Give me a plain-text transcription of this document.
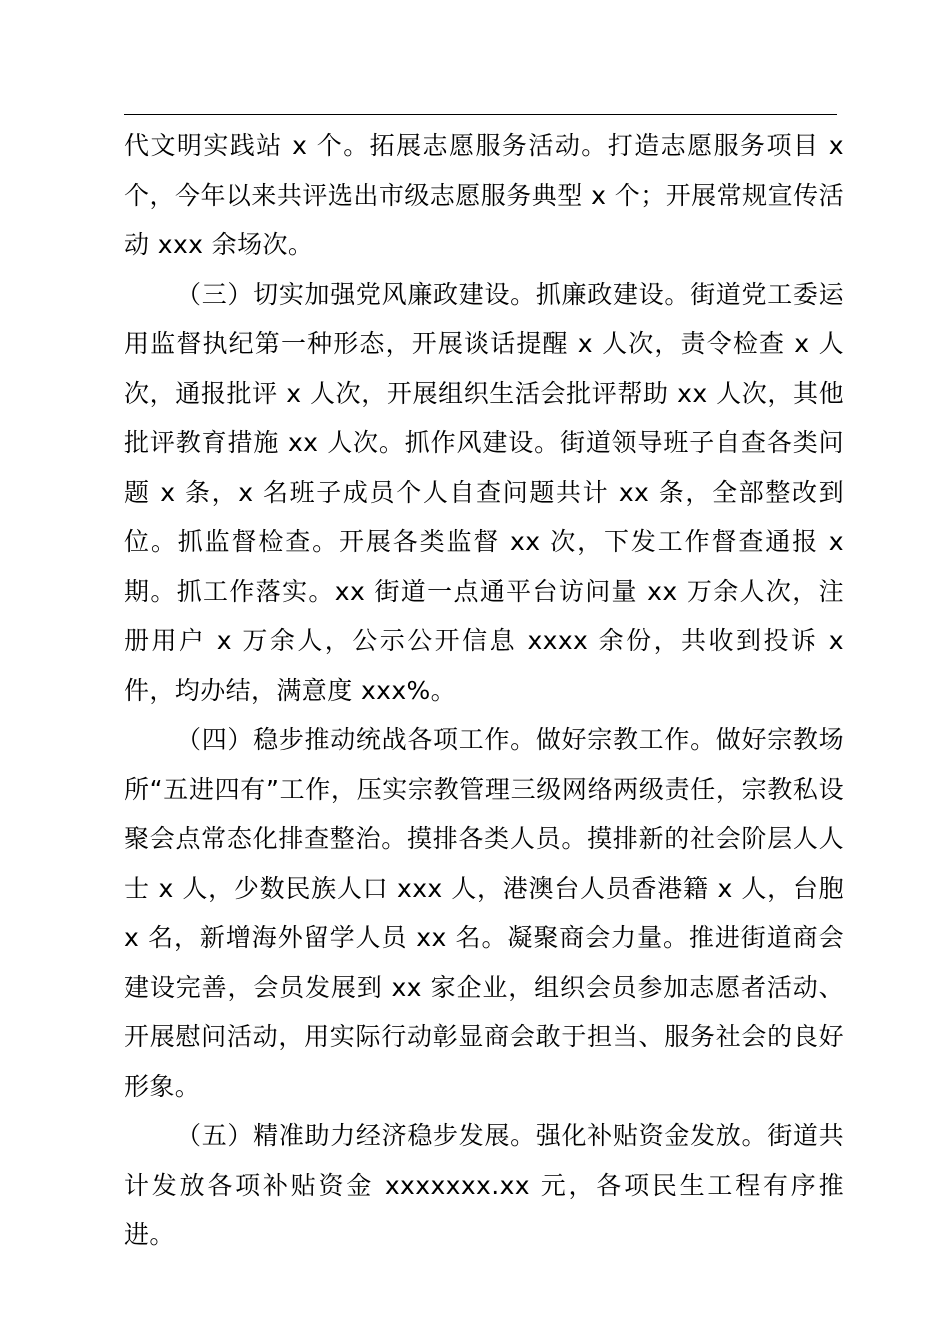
代文明实践站 x 个。拓展志愿服务活动。打造志愿服务项目 x 个，今年以来共评选出市级志愿服务典型 x 个；开展常规宣传活动 xxx 余场次。

（三）切实加强党风廉政建设。抓廉政建设。街道党工委运用监督执纪第一种形态，开展谈话提醒 x 人次，责令检查 x 人次，通报批评 x 人次，开展组织生活会批评帮助 xx 人次，其他批评教育措施 xx 人次。抓作风建设。街道领导班子自查各类问题 x 条，x 名班子成员个人自查问题共计 xx 条，全部整改到位。抓监督检查。开展各类监督 xx 次，下发工作督查通报 x 期。抓工作落实。xx 街道一点通平台访问量 xx 万余人次，注册用户 x 万余人，公示公开信息 xxxx 余份，共收到投诉 x 件，均办结，满意度 xxx%。

（四）稳步推动统战各项工作。做好宗教工作。做好宗教场所“五进四有”工作，压实宗教管理三级网络两级责任，宗教私设聚会点常态化排查整治。摸排各类人员。摸排新的社会阶层人人士 x 人，少数民族人口 xxx 人，港澳台人员香港籍 x 人，台胞 x 名，新增海外留学人员 xx 名。凝聚商会力量。推进街道商会建设完善，会员发展到 xx 家企业，组织会员参加志愿者活动、开展慰问活动，用实际行动彰显商会敢于担当、服务社会的良好形象。

（五）精准助力经济稳步发展。强化补贴资金发放。街道共计发放各项补贴资金 xxxxxxx.xx 元，各项民生工程有序推进。
